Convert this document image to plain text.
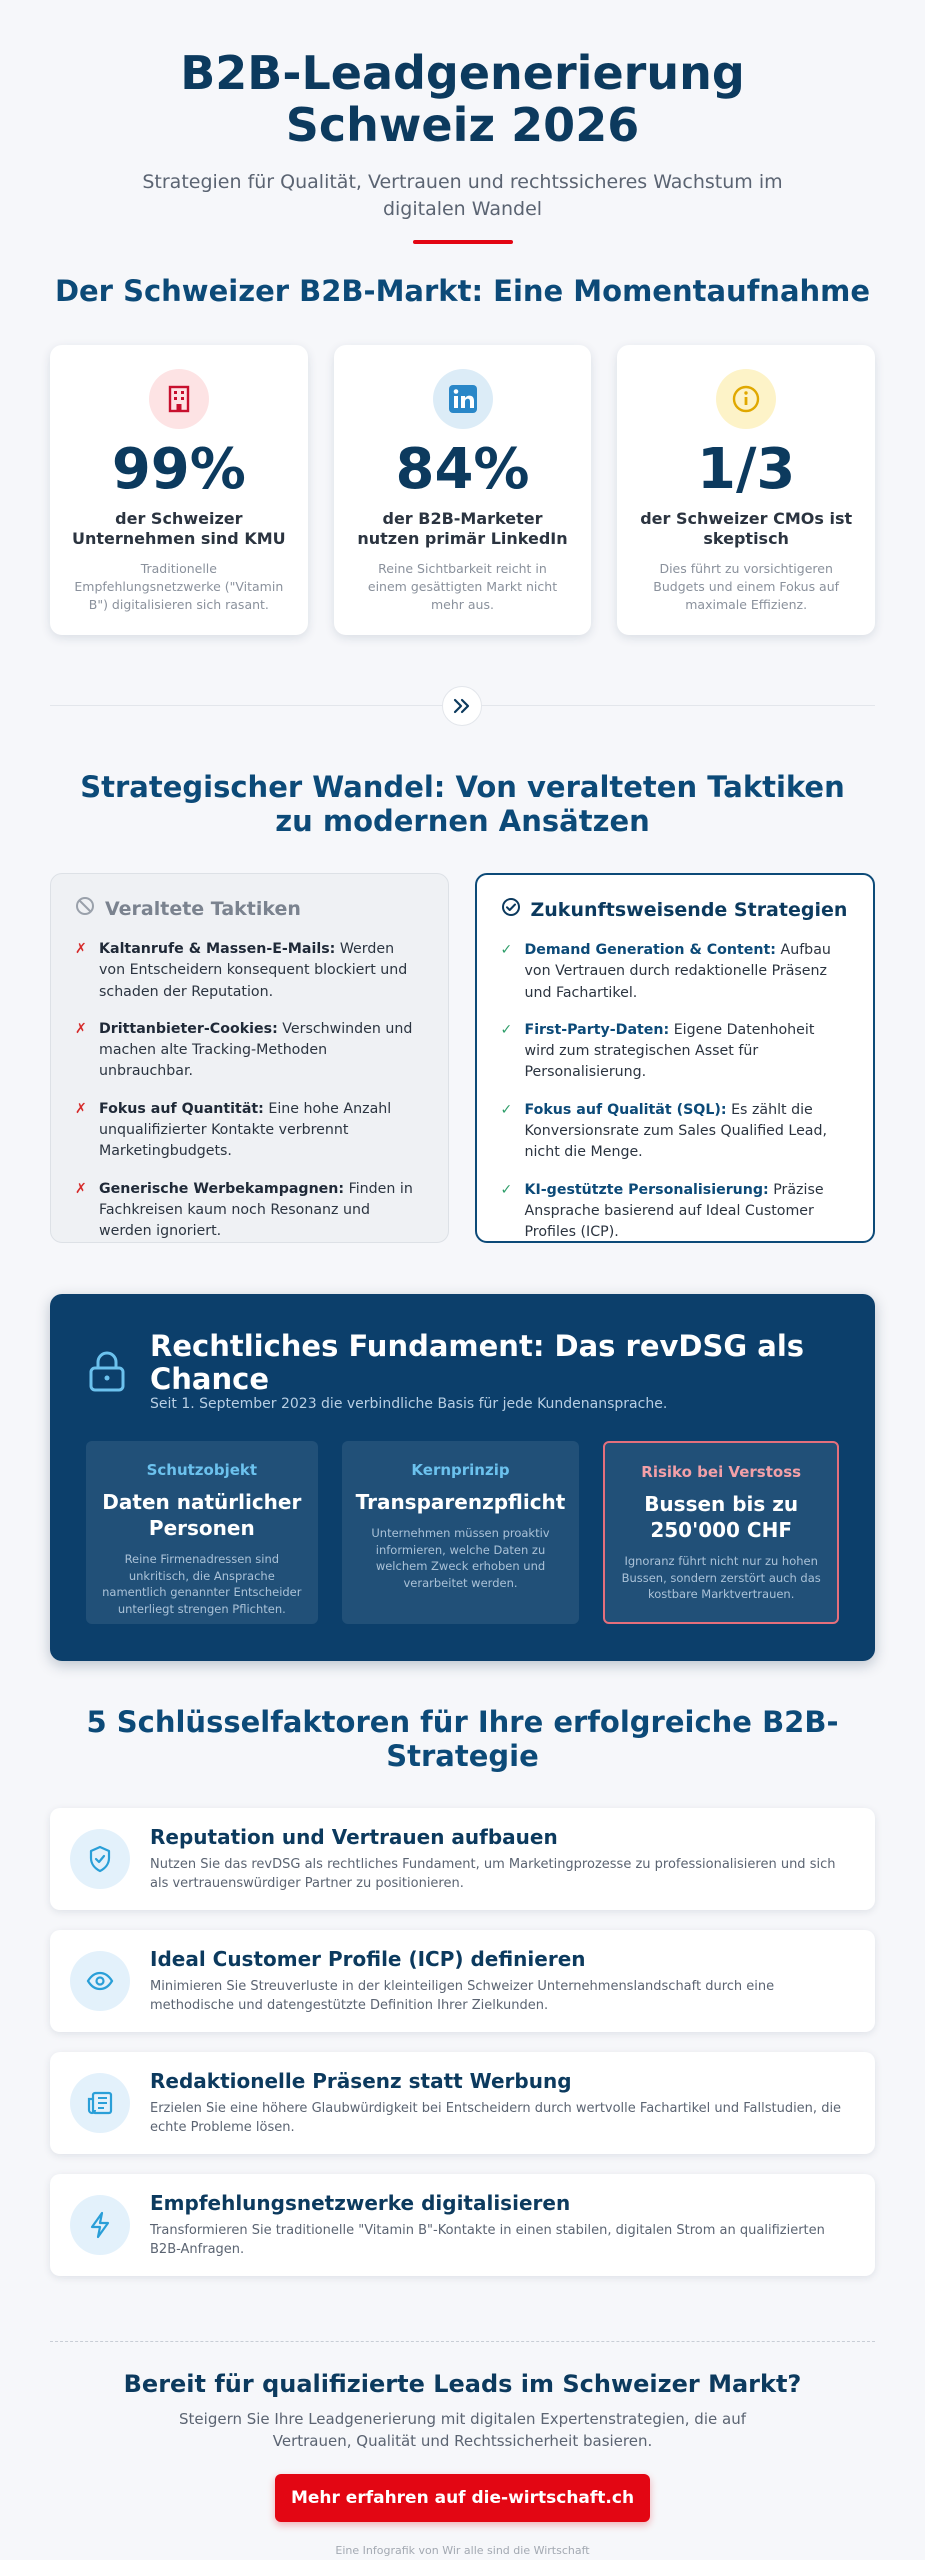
B2B-Leadgenerierung Schweiz 2026

Strategien für Qualität, Vertrauen und rechtssicheres Wachstum im digitalen Wandel

Der Schweizer B2B-Markt: Eine Momentaufnahme
99%
der Schweizer Unternehmen sind KMU
Traditionelle Empfehlungsnetzwerke ("Vitamin B") digitalisieren sich rasant.
84%
der B2B-Marketer nutzen primär LinkedIn
Reine Sichtbarkeit reicht in einem gesättigten Markt nicht mehr aus.
1/3
der Schweizer CMOs ist skeptisch
Dies führt zu vorsichtigeren Budgets und einem Fokus auf maximale Effizienz.
Strategischer Wandel: Von veralteten Taktiken zu modernen Ansätzen
Veraltete Taktiken
✗ Kaltanrufe & Massen-E-Mails: Werden von Entscheidern konsequent blockiert und schaden der Reputation.
✗ Drittanbieter-Cookies: Verschwinden und machen alte Tracking-Methoden unbrauchbar.
✗ Fokus auf Quantität: Eine hohe Anzahl unqualifizierter Kontakte verbrennt Marketingbudgets.
✗ Generische Werbekampagnen: Finden in Fachkreisen kaum noch Resonanz und werden ignoriert.
Zukunftsweisende Strategien
✓ Demand Generation & Content: Aufbau von Vertrauen durch redaktionelle Präsenz und Fachartikel.
✓ First-Party-Daten: Eigene Datenhoheit wird zum strategischen Asset für Personalisierung.
✓ Fokus auf Qualität (SQL): Es zählt die Konversionsrate zum Sales Qualified Lead, nicht die Menge.
✓ KI-gestützte Personalisierung: Präzise Ansprache basierend auf Ideal Customer Profiles (ICP).
Rechtliches Fundament: Das revDSG als Chance

Seit 1. September 2023 die verbindliche Basis für jede Kundenansprache.

Schutzobjekt
Daten natürlicher Personen
Reine Firmenadressen sind unkritisch, die Ansprache namentlich genannter Entscheider unterliegt strengen Pflichten.
Kernprinzip
Transparenzpflicht
Unternehmen müssen proaktiv informieren, welche Daten zu welchem Zweck erhoben und verarbeitet werden.
Risiko bei Verstoss
Bussen bis zu 250'000 CHF
Ignoranz führt nicht nur zu hohen Bussen, sondern zerstört auch das kostbare Marktvertrauen.
5 Schlüsselfaktoren für Ihre erfolgreiche B2B-Strategie
Reputation und Vertrauen aufbauen
Nutzen Sie das revDSG als rechtliches Fundament, um Marketingprozesse zu professionalisieren und sich als vertrauenswürdiger Partner zu positionieren.
Ideal Customer Profile (ICP) definieren
Minimieren Sie Streuverluste in der kleinteiligen Schweizer Unternehmenslandschaft durch eine methodische und datengestützte Definition Ihrer Zielkunden.
Redaktionelle Präsenz statt Werbung
Erzielen Sie eine höhere Glaubwürdigkeit bei Entscheidern durch wertvolle Fachartikel und Fallstudien, die echte Probleme lösen.
Empfehlungsnetzwerke digitalisieren
Transformieren Sie traditionelle "Vitamin B"-Kontakte in einen stabilen, digitalen Strom an qualifizierten B2B-Anfragen.
Bereit für qualifizierte Leads im Schweizer Markt?
Steigern Sie Ihre Leadgenerierung mit digitalen Expertenstrategien, die auf Vertrauen, Qualität und Rechtssicherheit basieren.
Mehr erfahren auf die-wirtschaft.ch
Eine Infografik von Wir alle sind die Wirtschaft
